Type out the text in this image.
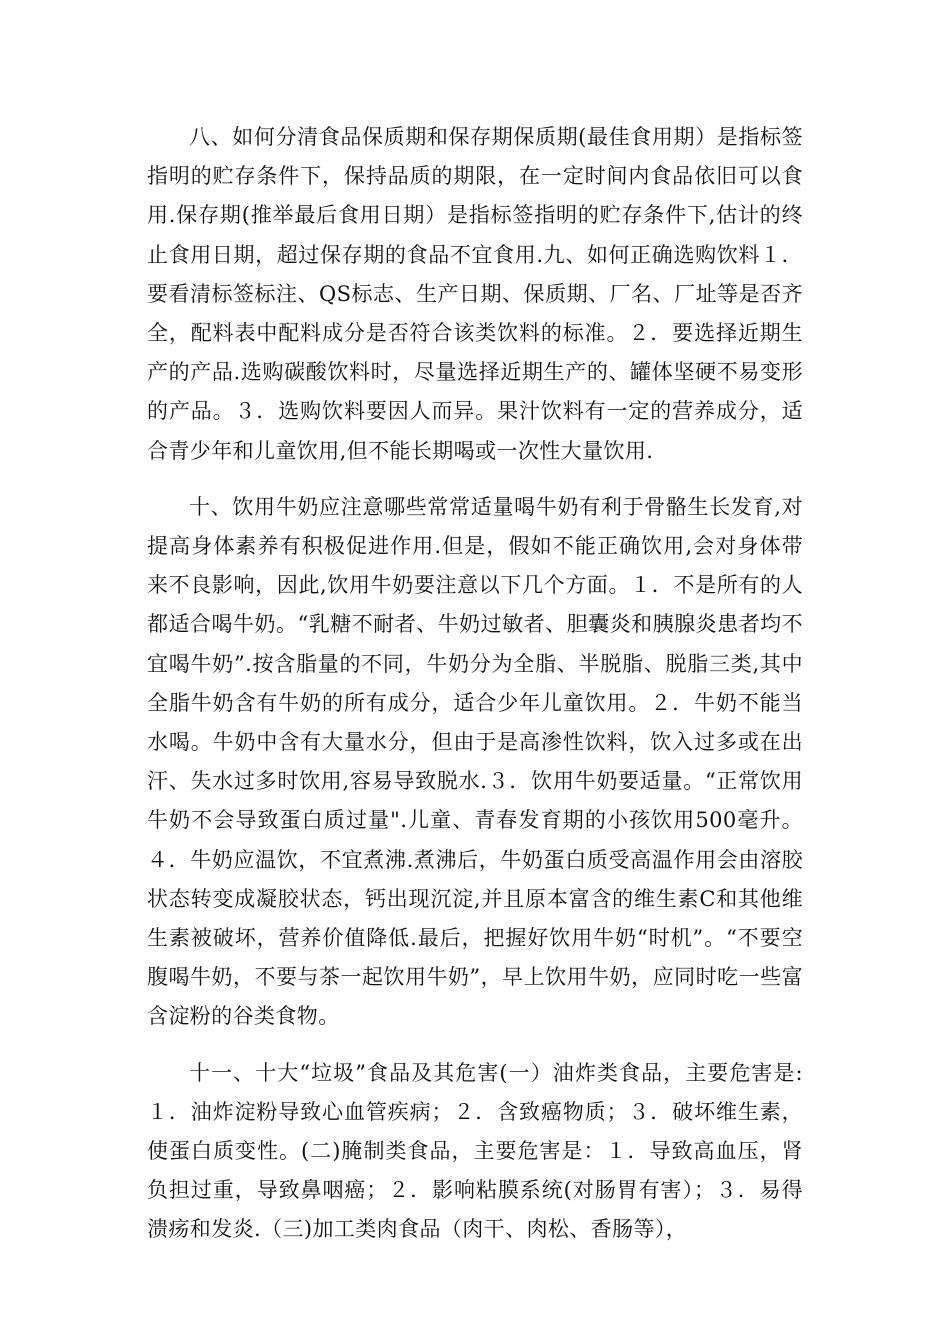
八、如何分清食品保质期和保存期保质期(最佳食用期）是指标签指明的贮存条件下，保持品质的期限，在一定时间内食品依旧可以食用.保存期(推举最后食用日期）是指标签指明的贮存条件下,估计的终止食用日期，超过保存期的食品不宜食用.九、如何正确选购饮料１．要看清标签标注、QS标志、生产日期、保质期、厂名、厂址等是否齐全，配料表中配料成分是否符合该类饮料的标准。２．要选择近期生产的产品.选购碳酸饮料时，尽量选择近期生产的、罐体坚硬不易变形的产品。３．选购饮料要因人而异。果汁饮料有一定的营养成分，适合青少年和儿童饮用,但不能长期喝或一次性大量饮用.

十、饮用牛奶应注意哪些常常适量喝牛奶有利于骨骼生长发育,对提高身体素养有积极促进作用.但是，假如不能正确饮用,会对身体带来不良影响，因此,饮用牛奶要注意以下几个方面。１．不是所有的人都适合喝牛奶。“乳糖不耐者、牛奶过敏者、胆囊炎和胰腺炎患者均不宜喝牛奶”.按含脂量的不同，牛奶分为全脂、半脱脂、脱脂三类,其中全脂牛奶含有牛奶的所有成分，适合少年儿童饮用。２．牛奶不能当水喝。牛奶中含有大量水分，但由于是高渗性饮料，饮入过多或在出汗、失水过多时饮用,容易导致脱水.３．饮用牛奶要适量。“正常饮用牛奶不会导致蛋白质过量".儿童、青春发育期的小孩饮用500毫升。４．牛奶应温饮，不宜煮沸.煮沸后，牛奶蛋白质受高温作用会由溶胶状态转变成凝胶状态，钙出现沉淀,并且原本富含的维生素C和其他维生素被破坏，营养价值降低.最后，把握好饮用牛奶“时机”。“不要空腹喝牛奶，不要与茶一起饮用牛奶”，早上饮用牛奶，应同时吃一些富含淀粉的谷类食物。

十一、十大“垃圾”食品及其危害(一）油炸类食品，主要危害是:１．油炸淀粉导致心血管疾病；２．含致癌物质；３．破坏维生素，使蛋白质变性。(二)腌制类食品，主要危害是：１．导致高血压，肾负担过重，导致鼻咽癌；２．影响粘膜系统(对肠胃有害）；３．易得溃疡和发炎.（三)加工类肉食品（肉干、肉松、香肠等），
